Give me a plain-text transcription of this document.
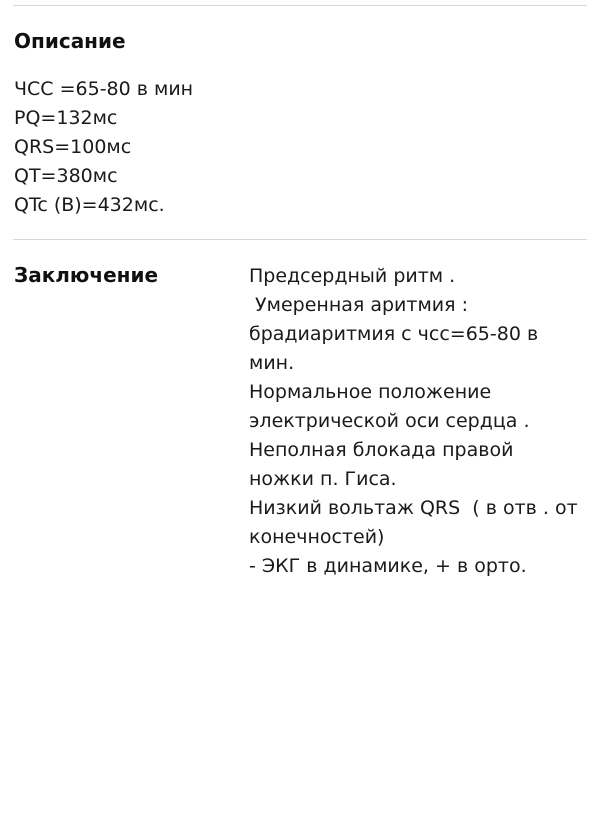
Описание
ЧСС =65-80 в мин
PQ=132мс
QRS=100мс
QT=380мс
QTc (B)=432мс.
Заключение	Предсердный ритм .
Умеренная аритмия :
брадиаритмия с чсс=65-80 в
мин.
Нормальное положение
электрической оси сердца .
Неполная блокада правой
ножки п. Гиса.
Низкий вольтаж QRS  ( в отв . от
конечностей)
- ЭКГ в динамике, + в орто.
